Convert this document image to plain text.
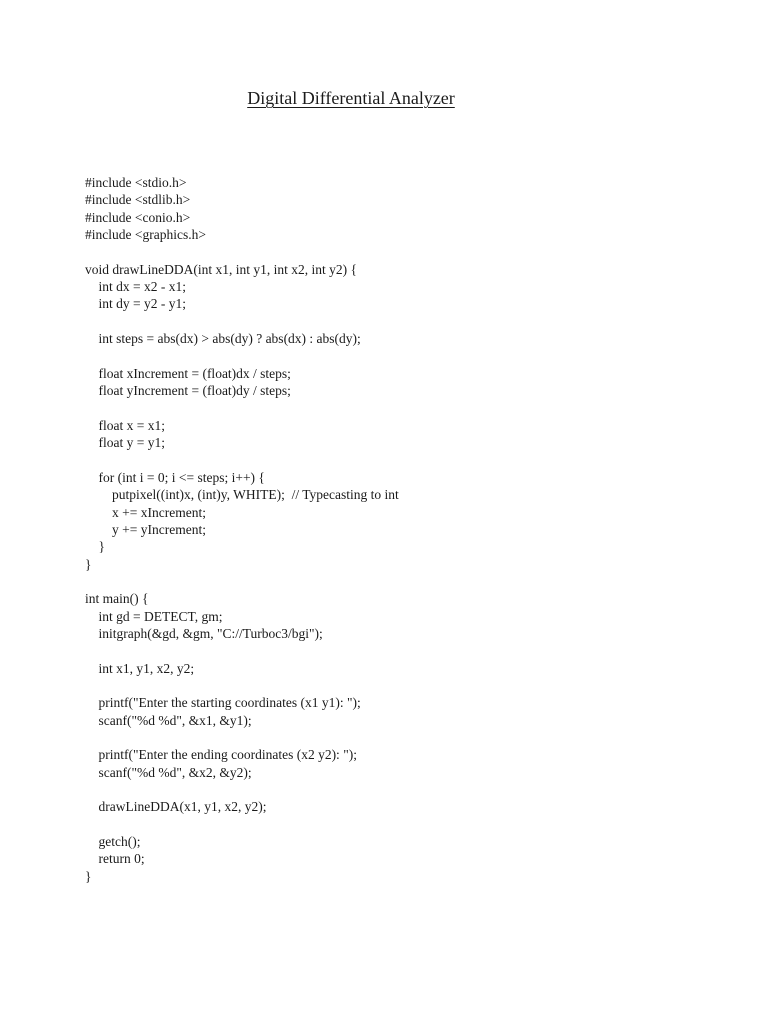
Digital Differential Analyzer
#include <stdio.h>
#include <stdlib.h>
#include <conio.h>
#include <graphics.h>
void drawLineDDA(int x1, int y1, int x2, int y2) {
int dx = x2 - x1;
int dy = y2 - y1;
int steps = abs(dx) > abs(dy) ? abs(dx) : abs(dy);
float xIncrement = (float)dx / steps;
float yIncrement = (float)dy / steps;
float x = x1;
float y = y1;
for (int i = 0; i <= steps; i++) {
putpixel((int)x, (int)y, WHITE);  // Typecasting to int
x += xIncrement;
y += yIncrement;
}
}
int main() {
int gd = DETECT, gm;
initgraph(&gd, &gm, "C://Turboc3/bgi");
int x1, y1, x2, y2;
printf("Enter the starting coordinates (x1 y1): ");
scanf("%d %d", &x1, &y1);
printf("Enter the ending coordinates (x2 y2): ");
scanf("%d %d", &x2, &y2);
drawLineDDA(x1, y1, x2, y2);
getch();
return 0;
}
